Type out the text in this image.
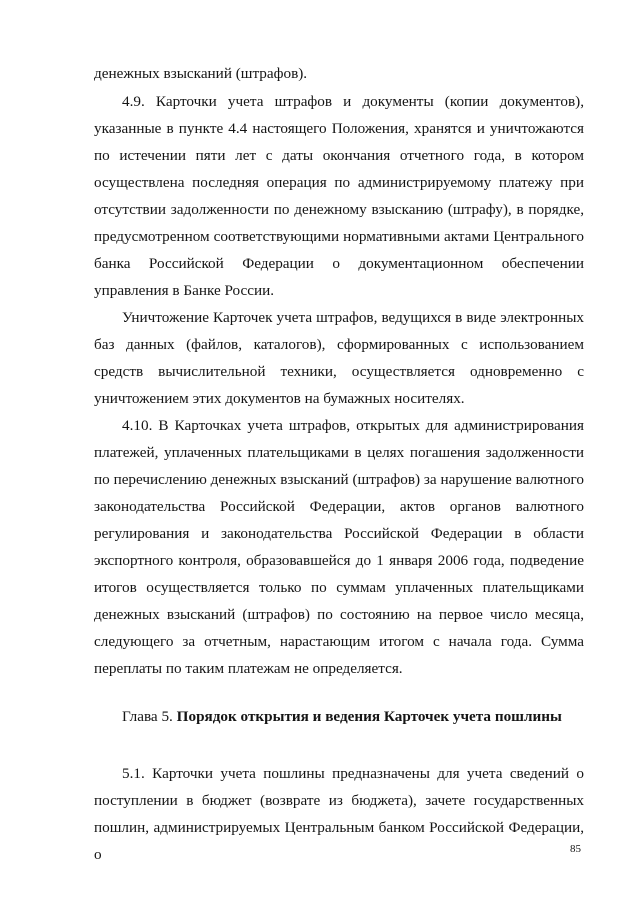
денежных взысканий (штрафов).

4.9. Карточки учета штрафов и документы (копии документов), указанные в пункте 4.4 настоящего Положения, хранятся и уничтожаются по истечении пяти лет с даты окончания отчетного года, в котором осуществлена последняя операция по администрируемому платежу при отсутствии задолженности по денежному взысканию (штрафу), в порядке, предусмотренном соответствующими нормативными актами Центрального банка Российской Федерации о документационном обеспечении управления в Банке России.

Уничтожение Карточек учета штрафов, ведущихся в виде электронных баз данных (файлов, каталогов), сформированных с использованием средств вычислительной техники, осуществляется одновременно с уничтожением этих документов на бумажных носителях.

4.10. В Карточках учета штрафов, открытых для администрирования платежей, уплаченных плательщиками в целях погашения задолженности по перечислению денежных взысканий (штрафов) за нарушение валютного законодательства Российской Федерации, актов органов валютного регулирования и законодательства Российской Федерации в области экспортного контроля, образовавшейся до 1 января 2006 года, подведение итогов осуществляется только по суммам уплаченных плательщиками денежных взысканий (штрафов) по состоянию на первое число месяца, следующего за отчетным, нарастающим итогом с начала года. Сумма переплаты по таким платежам не определяется.

Глава 5. Порядок открытия и ведения Карточек учета пошлины

5.1. Карточки учета пошлины предназначены для учета сведений о поступлении в бюджет (возврате из бюджета), зачете государственных пошлин, администрируемых Центральным банком Российской Федерации, о	85
